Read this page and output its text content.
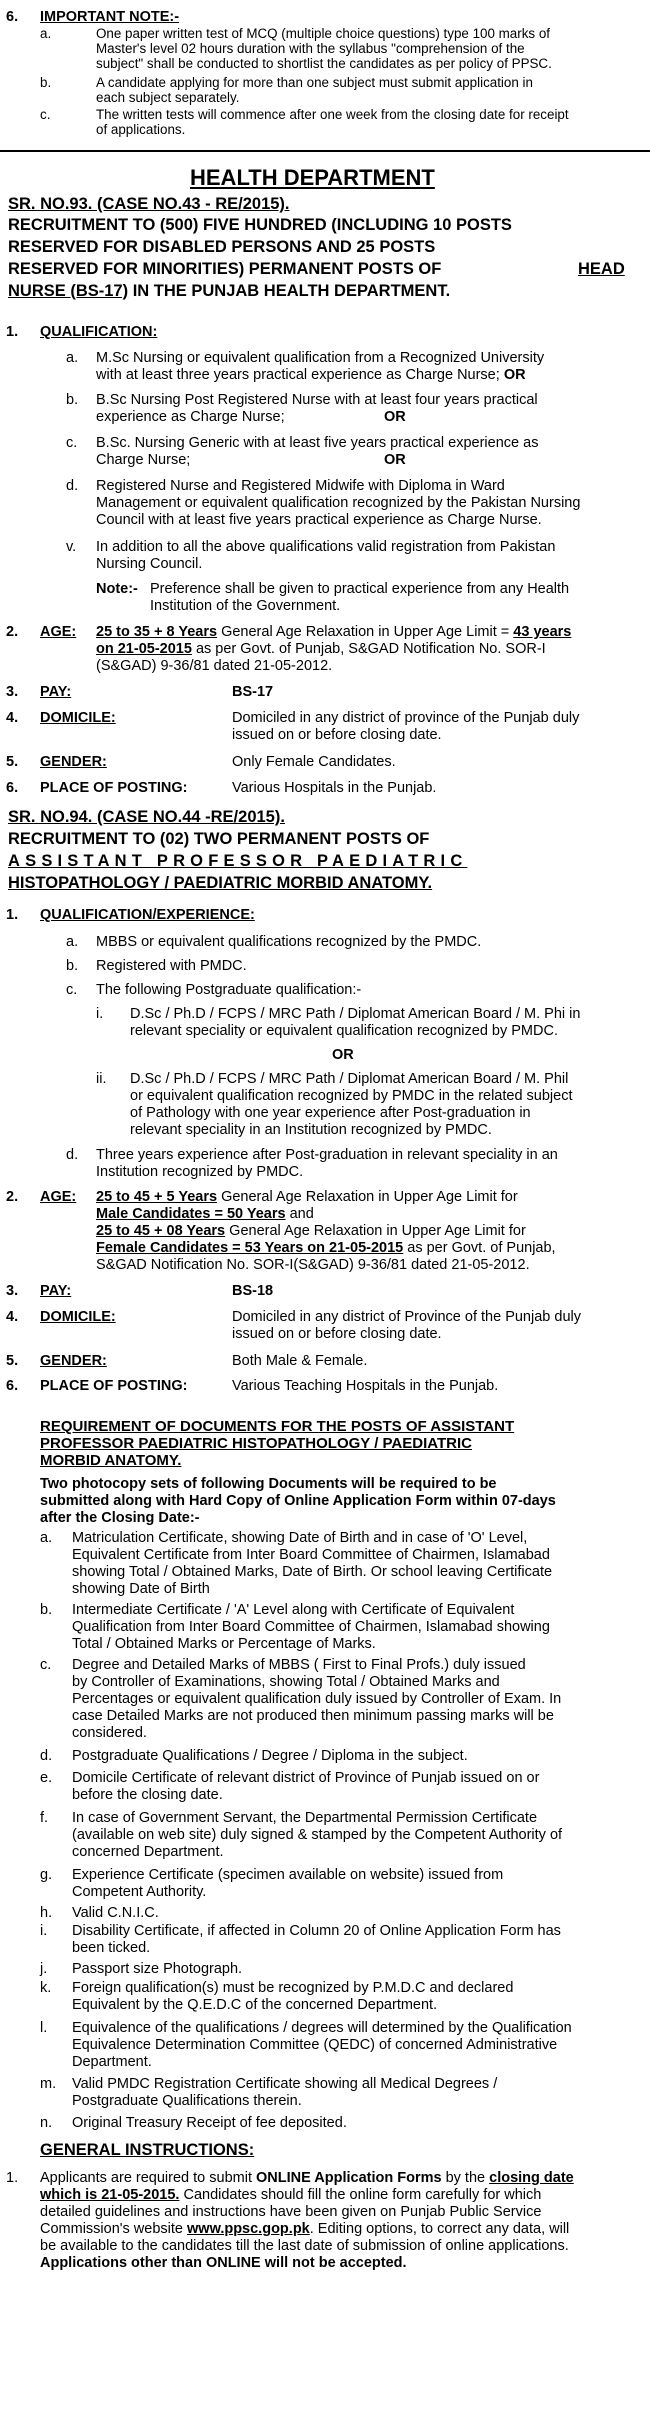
6. IMPORTANT NOTE:-
a.	One paper written test of MCQ (multiple choice questions) type 100 marks of
Master's level 02 hours duration with the syllabus "comprehension of the
subject" shall be conducted to shortlist the candidates as per policy of PPSC.
b.	A candidate applying for more than one subject must submit application in
each subject separately.
c.	The written tests will commence after one week from the closing date for receipt
of applications.
HEALTH DEPARTMENT
SR. NO.93. (CASE NO.43 - RE/2015).
RECRUITMENT TO (500) FIVE HUNDRED (INCLUDING 10 POSTS
RESERVED FOR DISABLED PERSONS AND 25 POSTS
RESERVED FOR MINORITIES) PERMANENT POSTS OF	HEAD
NURSE (BS-17) IN THE PUNJAB HEALTH DEPARTMENT.
1. QUALIFICATION:
a. M.Sc Nursing or equivalent qualification from a Recognized University
with at least three years practical experience as Charge Nurse; OR
b. B.Sc Nursing Post Registered Nurse with at least four years practical
experience as Charge Nurse;	OR
c. B.Sc. Nursing Generic with at least five years practical experience as
Charge Nurse;	OR
d. Registered Nurse and Registered Midwife with Diploma in Ward
Management or equivalent qualification recognized by the Pakistan Nursing
Council with at least five years practical experience as Charge Nurse.
v. In addition to all the above qualifications valid registration from Pakistan
Nursing Council.
Note:- Preference shall be given to practical experience from any Health
Institution of the Government.
2. AGE: 25 to 35 + 8 Years General Age Relaxation in Upper Age Limit = 43 years
on 21-05-2015 as per Govt. of Punjab, S&GAD Notification No. SOR-I
(S&GAD) 9-36/81 dated 21-05-2012.
3. PAY:	BS-17
4. DOMICILE:	Domiciled in any district of province of the Punjab duly
issued on or before closing date.
5. GENDER:	Only Female Candidates.
6. PLACE OF POSTING:	Various Hospitals in the Punjab.
SR. NO.94. (CASE NO.44 -RE/2015).
RECRUITMENT TO (02) TWO PERMANENT POSTS OF
ASSISTANT PROFESSOR PAEDIATRIC
HISTOPATHOLOGY / PAEDIATRIC MORBID ANATOMY.
1. QUALIFICATION/EXPERIENCE:
a. MBBS or equivalent qualifications recognized by the PMDC.
b. Registered with PMDC.
c. The following Postgraduate qualification:-
i. D.Sc / Ph.D / FCPS / MRC Path / Diplomat American Board / M. Phi in
relevant speciality or equivalent qualification recognized by PMDC.
OR
ii. D.Sc / Ph.D / FCPS / MRC Path / Diplomat American Board / M. Phil
or equivalent qualification recognized by PMDC in the related subject
of Pathology with one year experience after Post-graduation in
relevant speciality in an Institution recognized by PMDC.
d. Three years experience after Post-graduation in relevant speciality in an
Institution recognized by PMDC.
2. AGE: 25 to 45 + 5 Years General Age Relaxation in Upper Age Limit for
Male Candidates = 50 Years and
25 to 45 + 08 Years General Age Relaxation in Upper Age Limit for
Female Candidates = 53 Years on 21-05-2015 as per Govt. of Punjab,
S&GAD Notification No. SOR-I(S&GAD) 9-36/81 dated 21-05-2012.
3. PAY:	BS-18
4. DOMICILE:	Domiciled in any district of Province of the Punjab duly
issued on or before closing date.
5. GENDER:	Both Male & Female.
6. PLACE OF POSTING:	Various Teaching Hospitals in the Punjab.
REQUIREMENT OF DOCUMENTS FOR THE POSTS OF ASSISTANT
PROFESSOR PAEDIATRIC HISTOPATHOLOGY / PAEDIATRIC
MORBID ANATOMY.
Two photocopy sets of following Documents will be required to be
submitted along with Hard Copy of Online Application Form within 07-days
after the Closing Date:-
a. Matriculation Certificate, showing Date of Birth and in case of 'O' Level,
Equivalent Certificate from Inter Board Committee of Chairmen, Islamabad
showing Total / Obtained Marks, Date of Birth. Or school leaving Certificate
showing Date of Birth
b. Intermediate Certificate / 'A' Level along with Certificate of Equivalent
Qualification from Inter Board Committee of Chairmen, Islamabad showing
Total / Obtained Marks or Percentage of Marks.
c. Degree and Detailed Marks of MBBS ( First to Final Profs.) duly issued
by Controller of Examinations, showing Total / Obtained Marks and
Percentages or equivalent qualification duly issued by Controller of Exam. In
case Detailed Marks are not produced then minimum passing marks will be
considered.
d. Postgraduate Qualifications / Degree / Diploma in the subject.
e. Domicile Certificate of relevant district of Province of Punjab issued on or
before the closing date.
f. In case of Government Servant, the Departmental Permission Certificate
(available on web site) duly signed & stamped by the Competent Authority of
concerned Department.
g. Experience Certificate (specimen available on website) issued from
Competent Authority.
h. Valid C.N.I.C.
i. Disability Certificate, if affected in Column 20 of Online Application Form has
been ticked.
j. Passport size Photograph.
k. Foreign qualification(s) must be recognized by P.M.D.C and declared
Equivalent by the Q.E.D.C of the concerned Department.
l. Equivalence of the qualifications / degrees will determined by the Qualification
Equivalence Determination Committee (QEDC) of concerned Administrative
Department.
m. Valid PMDC Registration Certificate showing all Medical Degrees /
Postgraduate Qualifications therein.
n. Original Treasury Receipt of fee deposited.
GENERAL INSTRUCTIONS:
1. Applicants are required to submit ONLINE Application Forms by the closing date
which is 21-05-2015. Candidates should fill the online form carefully for which
detailed guidelines and instructions have been given on Punjab Public Service
Commission's website www.ppsc.gop.pk. Editing options, to correct any data, will
be available to the candidates till the last date of submission of online applications.
Applications other than ONLINE will not be accepted.
